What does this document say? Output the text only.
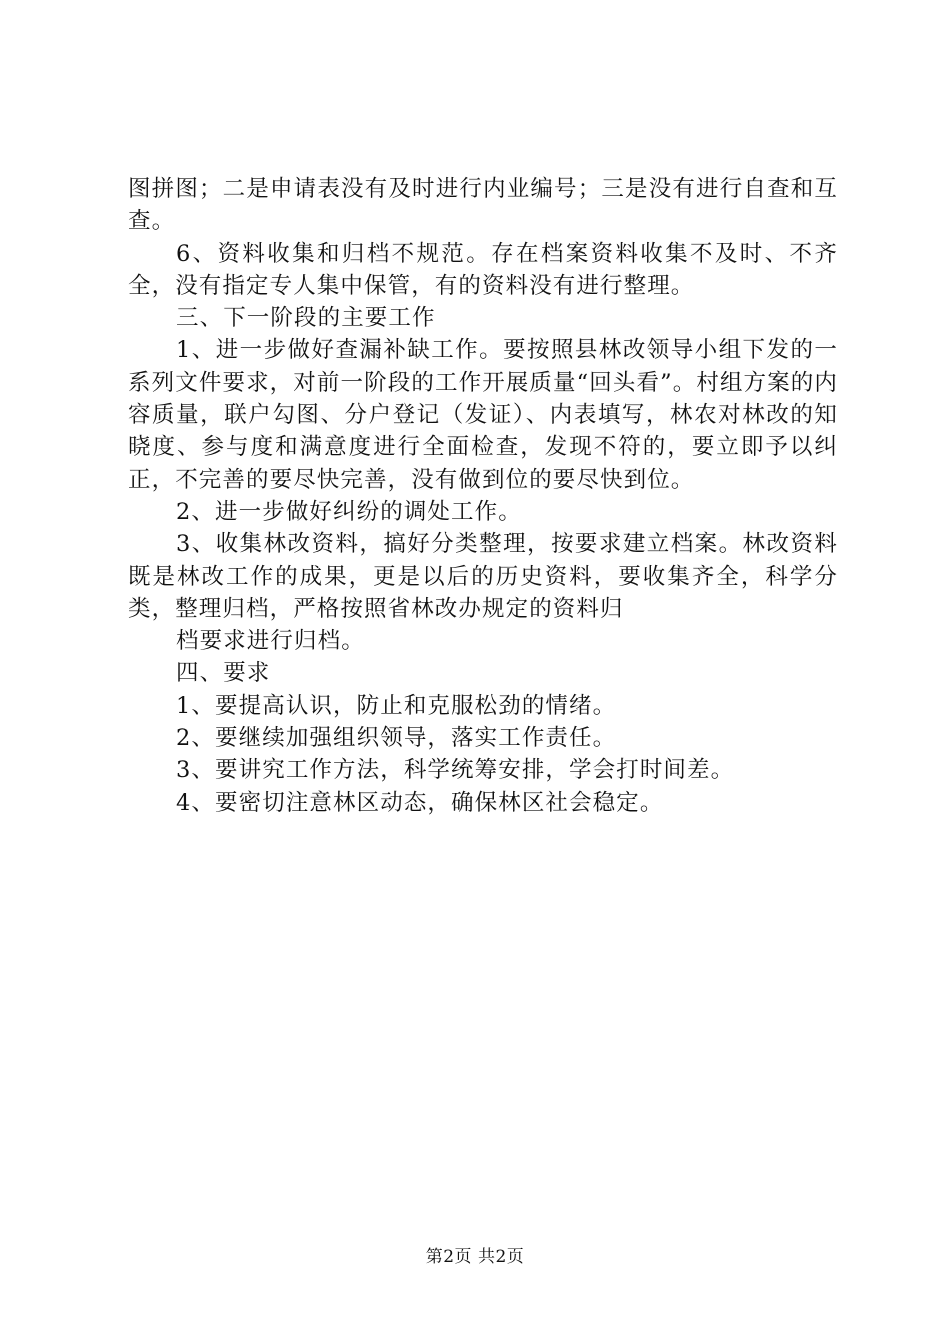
图拼图；二是申请表没有及时进行内业编号；三是没有进行自查和互查。

6、资料收集和归档不规范。存在档案资料收集不及时、不齐全，没有指定专人集中保管，有的资料没有进行整理。

三、下一阶段的主要工作

1、进一步做好查漏补缺工作。要按照县林改领导小组下发的一系列文件要求，对前一阶段的工作开展质量“回头看”。村组方案的内容质量，联户勾图、分户登记（发证）、内表填写，林农对林改的知晓度、参与度和满意度进行全面检查，发现不符的，要立即予以纠正，不完善的要尽快完善，没有做到位的要尽快到位。

2、进一步做好纠纷的调处工作。

3、收集林改资料，搞好分类整理，按要求建立档案。林改资料既是林改工作的成果，更是以后的历史资料，要收集齐全，科学分类，整理归档，严格按照省林改办规定的资料归

档要求进行归档。

四、要求

1、要提高认识，防止和克服松劲的情绪。

2、要继续加强组织领导，落实工作责任。

3、要讲究工作方法，科学统筹安排，学会打时间差。

4、要密切注意林区动态，确保林区社会稳定。

第2页 共2页
